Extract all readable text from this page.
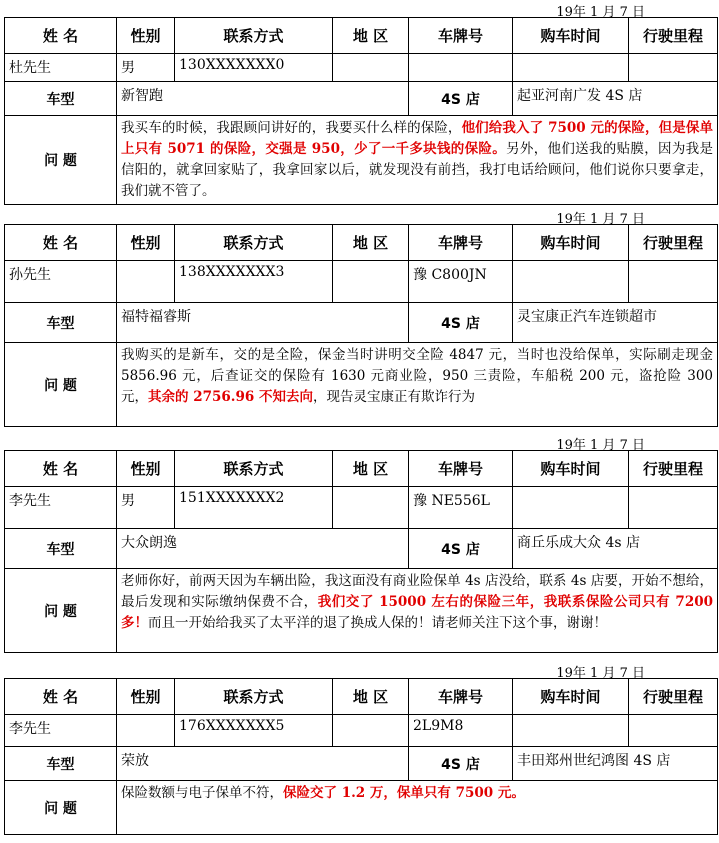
19年 1 月 7 日
姓 名	性别	联系方式	地 区	车牌号	购车时间	行驶里程
杜先生	男	130XXXXXXX0				
车型	新智跑			4S 店	起亚河南广发 4S 店	
问 题	我买车的时候，我跟顾问讲好的，我要买什么样的保险，他们给我入了 7500 元的保险，但是保单上只有 5071 的保险，交强是 950，少了一千多块钱的保险。另外，他们送我的贴膜，因为我是信阳的，就拿回家贴了，我拿回家以后，就发现没有前挡，我打电话给顾问，他们说你只要拿走，我们就不管了。					
19年 1 月 7 日
姓 名	性别	联系方式	地 区	车牌号	购车时间	行驶里程
孙先生		138XXXXXXX3		豫 C800JN		
车型	福特福睿斯			4S 店	灵宝康正汽车连锁超市	
问 题	我购买的是新车，交的是全险，保金当时讲明交全险 4847 元，当时也没给保单，实际刷走现金 5856.96 元，后查证交的保险有 1630 元商业险，950 三责险，车船税 200 元，盗抢险 300 元，其余的 2756.96 不知去向，现告灵宝康正有欺诈行为					
19年 1 月 7 日
姓 名	性别	联系方式	地 区	车牌号	购车时间	行驶里程
李先生	男	151XXXXXXX2		豫 NE556L		
车型	大众朗逸			4S 店	商丘乐成大众 4s 店	
问 题	老师你好，前两天因为车辆出险，我这面没有商业险保单 4s 店没给，联系 4s 店要，开始不想给，最后发现和实际缴纳保费不合，我们交了 15000 左右的保险三年，我联系保险公司只有 7200 多！而且一开始给我买了太平洋的退了换成人保的！请老师关注下这个事，谢谢！					
19年 1 月 7 日
姓 名	性别	联系方式	地 区	车牌号	购车时间	行驶里程
李先生		176XXXXXXX5		2L9M8		
车型	荣放			4S 店	丰田郑州世纪鸿图 4S 店	
问 题	保险数额与电子保单不符，保险交了 1.2 万，保单只有 7500 元。					
